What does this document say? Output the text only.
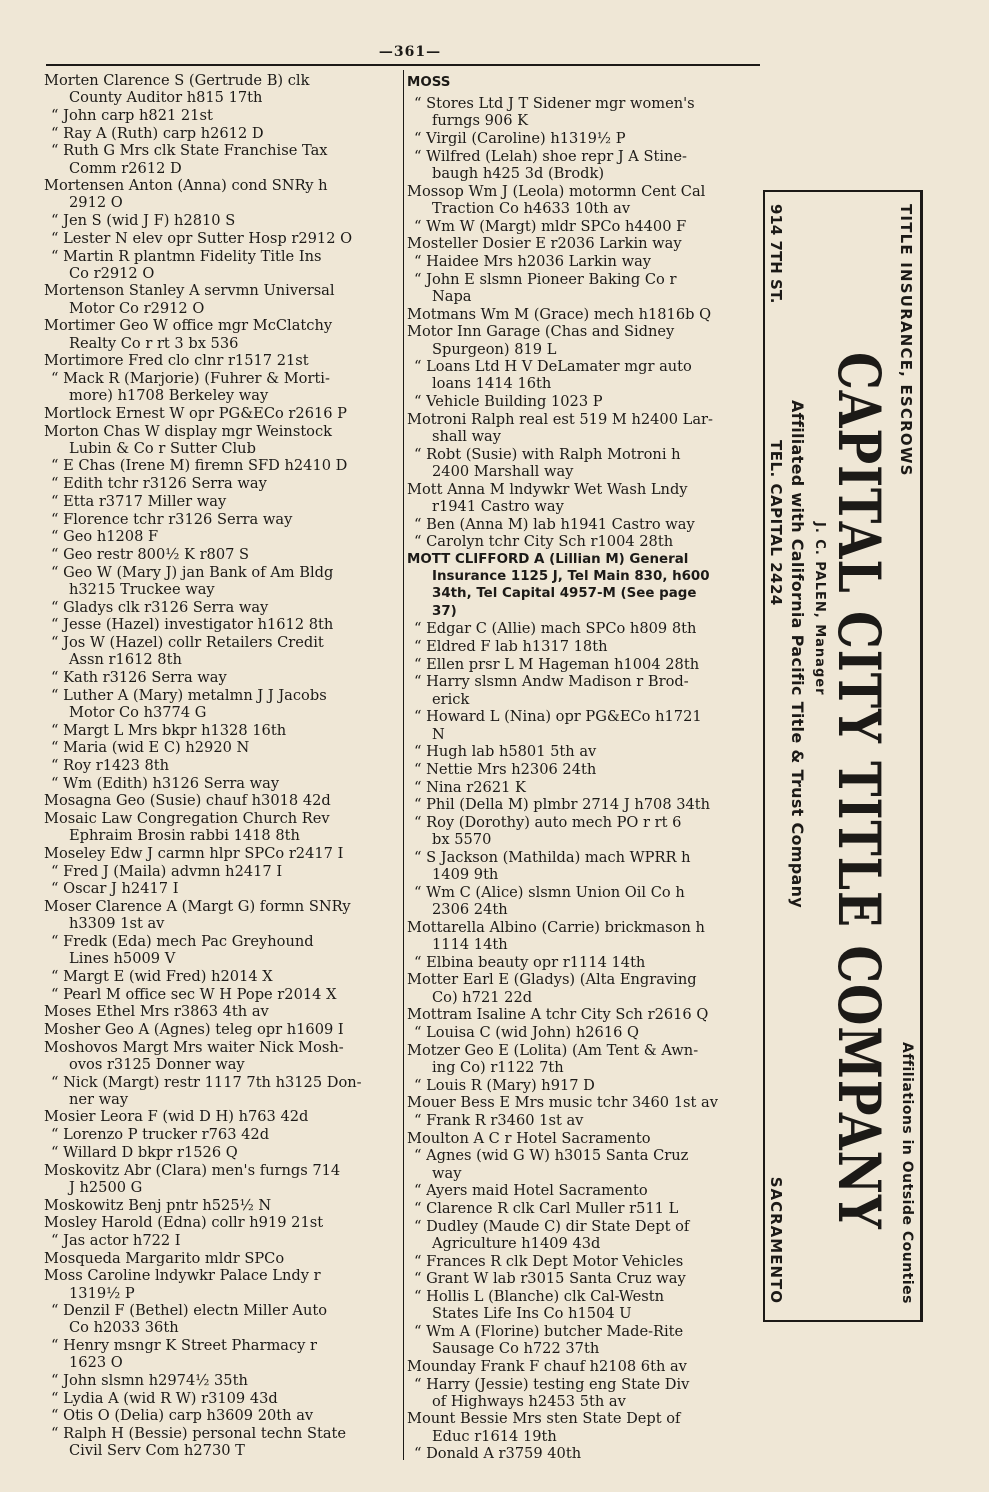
—361—
Morten Clarence S (Gertrude B) clk
County Auditor h815 17th
“ John carp h821 21st
“ Ray A (Ruth) carp h2612 D
“ Ruth G Mrs clk State Franchise Tax
Comm r2612 D
Mortensen Anton (Anna) cond SNRy h
2912 O
“ Jen S (wid J F) h2810 S
“ Lester N elev opr Sutter Hosp r2912 O
“ Martin R plantmn Fidelity Title Ins
Co r2912 O
Mortenson Stanley A servmn Universal
Motor Co r2912 O
Mortimer Geo W office mgr McClatchy
Realty Co r rt 3 bx 536
Mortimore Fred clo clnr r1517 21st
“ Mack R (Marjorie) (Fuhrer & Morti-
more) h1708 Berkeley way
Mortlock Ernest W opr PG&ECo r2616 P
Morton Chas W display mgr Weinstock
Lubin & Co r Sutter Club
“ E Chas (Irene M) firemn SFD h2410 D
“ Edith tchr r3126 Serra way
“ Etta r3717 Miller way
“ Florence tchr r3126 Serra way
“ Geo h1208 F
“ Geo restr 800½ K r807 S
“ Geo W (Mary J) jan Bank of Am Bldg
h3215 Truckee way
“ Gladys clk r3126 Serra way
“ Jesse (Hazel) investigator h1612 8th
“ Jos W (Hazel) collr Retailers Credit
Assn r1612 8th
“ Kath r3126 Serra way
“ Luther A (Mary) metalmn J J Jacobs
Motor Co h3774 G
“ Margt L Mrs bkpr h1328 16th
“ Maria (wid E C) h2920 N
“ Roy r1423 8th
“ Wm (Edith) h3126 Serra way
Mosagna Geo (Susie) chauf h3018 42d
Mosaic Law Congregation Church Rev
Ephraim Brosin rabbi 1418 8th
Moseley Edw J carmn hlpr SPCo r2417 I
“ Fred J (Maila) advmn h2417 I
“ Oscar J h2417 I
Moser Clarence A (Margt G) formn SNRy
h3309 1st av
“ Fredk (Eda) mech Pac Greyhound
Lines h5009 V
“ Margt E (wid Fred) h2014 X
“ Pearl M office sec W H Pope r2014 X
Moses Ethel Mrs r3863 4th av
Mosher Geo A (Agnes) teleg opr h1609 I
Moshovos Margt Mrs waiter Nick Mosh-
ovos r3125 Donner way
“ Nick (Margt) restr 1117 7th h3125 Don-
ner way
Mosier Leora F (wid D H) h763 42d
“ Lorenzo P trucker r763 42d
“ Willard D bkpr r1526 Q
Moskovitz Abr (Clara) men's furngs 714
J h2500 G
Moskowitz Benj pntr h525½ N
Mosley Harold (Edna) collr h919 21st
“ Jas actor h722 I
Mosqueda Margarito mldr SPCo
Moss Caroline lndywkr Palace Lndy r
1319½ P
“ Denzil F (Bethel) electn Miller Auto
Co h2033 36th
“ Henry msngr K Street Pharmacy r
1623 O
“ John slsmn h2974½ 35th
“ Lydia A (wid R W) r3109 43d
“ Otis O (Delia) carp h3609 20th av
“ Ralph H (Bessie) personal techn State
Civil Serv Com h2730 T
MOSS
“ Stores Ltd J T Sidener mgr women's
furngs 906 K
“ Virgil (Caroline) h1319½ P
“ Wilfred (Lelah) shoe repr J A Stine-
baugh h425 3d (Brodk)
Mossop Wm J (Leola) motormn Cent Cal
Traction Co h4633 10th av
“ Wm W (Margt) mldr SPCo h4400 F
Mosteller Dosier E r2036 Larkin way
“ Haidee Mrs h2036 Larkin way
“ John E slsmn Pioneer Baking Co r
Napa
Motmans Wm M (Grace) mech h1816b Q
Motor Inn Garage (Chas and Sidney
Spurgeon) 819 L
“ Loans Ltd H V DeLamater mgr auto
loans 1414 16th
“ Vehicle Building 1023 P
Motroni Ralph real est 519 M h2400 Lar-
shall way
“ Robt (Susie) with Ralph Motroni h
2400 Marshall way
Mott Anna M lndywkr Wet Wash Lndy
r1941 Castro way
“ Ben (Anna M) lab h1941 Castro way
“ Carolyn tchr City Sch r1004 28th
MOTT CLIFFORD A (Lillian M) General
Insurance 1125 J, Tel Main 830, h600
34th, Tel Capital 4957-M (See page
37)
“ Edgar C (Allie) mach SPCo h809 8th
“ Eldred F lab h1317 18th
“ Ellen prsr L M Hageman h1004 28th
“ Harry slsmn Andw Madison r Brod-
erick
“ Howard L (Nina) opr PG&ECo h1721
N
“ Hugh lab h5801 5th av
“ Nettie Mrs h2306 24th
“ Nina r2621 K
“ Phil (Della M) plmbr 2714 J h708 34th
“ Roy (Dorothy) auto mech PO r rt 6
bx 5570
“ S Jackson (Mathilda) mach WPRR h
1409 9th
“ Wm C (Alice) slsmn Union Oil Co h
2306 24th
Mottarella Albino (Carrie) brickmason h
1114 14th
“ Elbina beauty opr r1114 14th
Motter Earl E (Gladys) (Alta Engraving
Co) h721 22d
Mottram Isaline A tchr City Sch r2616 Q
“ Louisa C (wid John) h2616 Q
Motzer Geo E (Lolita) (Am Tent & Awn-
ing Co) r1122 7th
“ Louis R (Mary) h917 D
Mouer Bess E Mrs music tchr 3460 1st av
“ Frank R r3460 1st av
Moulton A C r Hotel Sacramento
“ Agnes (wid G W) h3015 Santa Cruz
way
“ Ayers maid Hotel Sacramento
“ Clarence R clk Carl Muller r511 L
“ Dudley (Maude C) dir State Dept of
Agriculture h1409 43d
“ Frances R clk Dept Motor Vehicles
“ Grant W lab r3015 Santa Cruz way
“ Hollis L (Blanche) clk Cal-Westn
States Life Ins Co h1504 U
“ Wm A (Florine) butcher Made-Rite
Sausage Co h722 37th
Mounday Frank F chauf h2108 6th av
“ Harry (Jessie) testing eng State Div
of Highways h2453 5th av
Mount Bessie Mrs sten State Dept of
Educ r1614 19th
“ Donald A r3759 40th
TITLE INSURANCE, ESCROWS
Affiliations in Outside Counties
CAPITAL CITY TITLE COMPANY
J. C. PALEN, Manager
Affiliated with California Pacific Title & Trust Company
914 7TH ST.
TEL. CAPITAL 2424
SACRAMENTO
